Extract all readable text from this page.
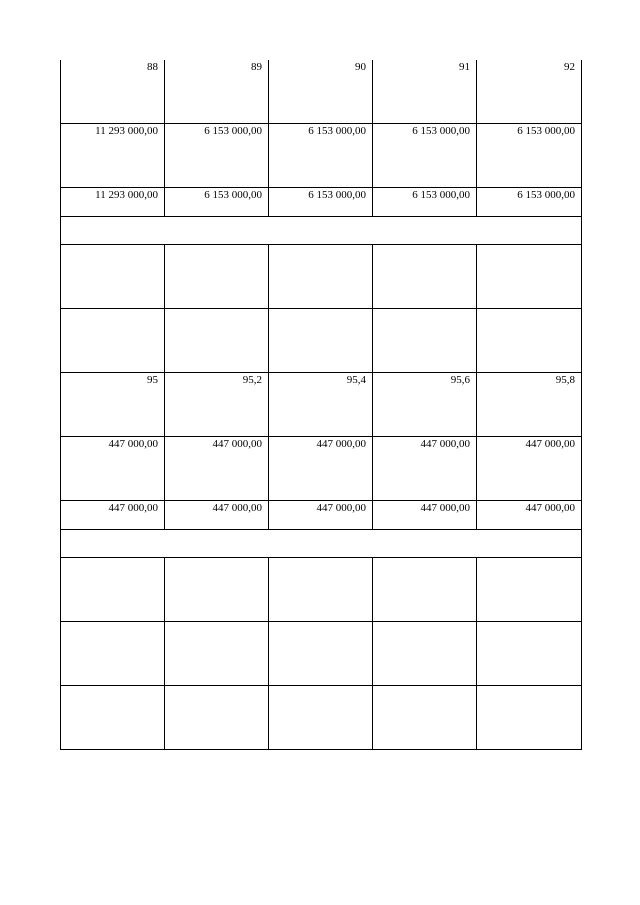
88	89	90	91	92
11 293 000,00	6 153 000,00	6 153 000,00	6 153 000,00	6 153 000,00
11 293 000,00	6 153 000,00	6 153 000,00	6 153 000,00	6 153 000,00

95	95,2	95,4	95,6	95,8
447 000,00	447 000,00	447 000,00	447 000,00	447 000,00
447 000,00	447 000,00	447 000,00	447 000,00	447 000,00
